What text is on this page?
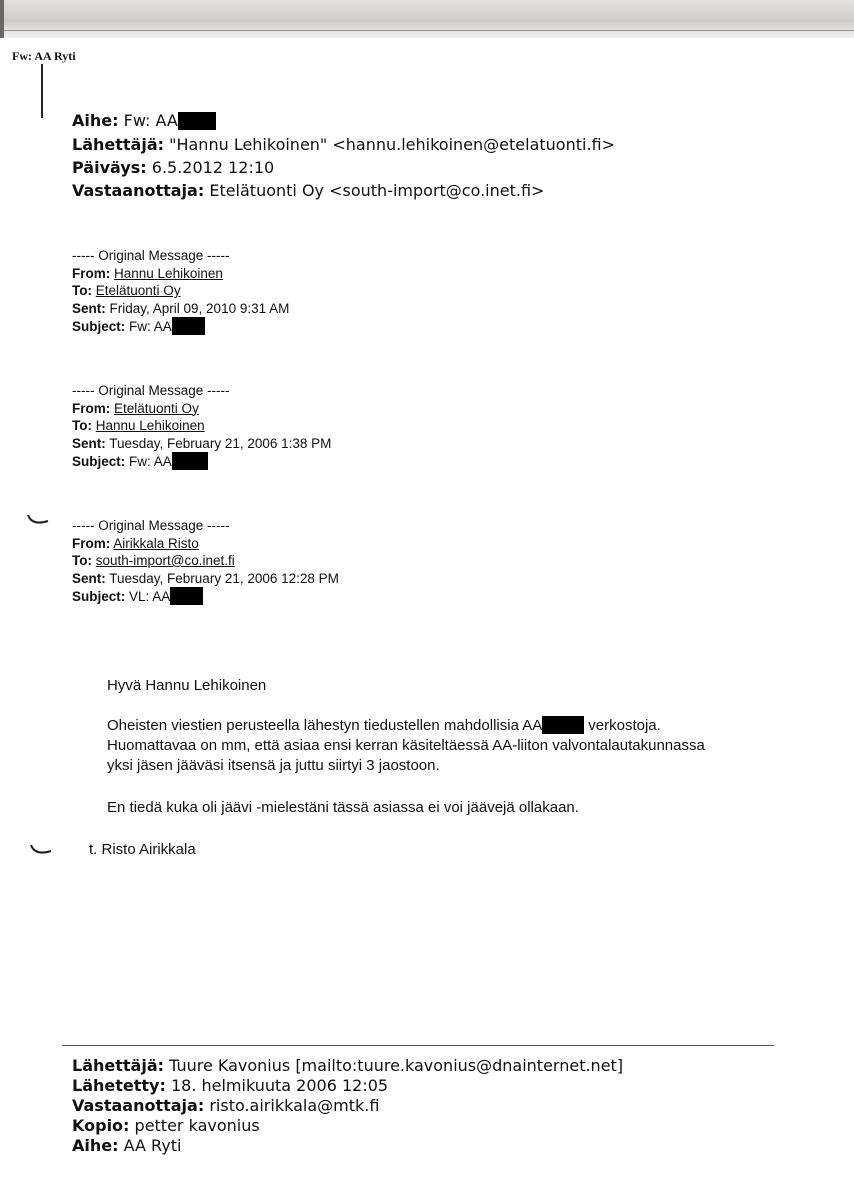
Fw: AA Ryti
Aihe: Fw: AA
Lähettäjä: "Hannu Lehikoinen" <hannu.lehikoinen@etelatuonti.fi>
Päiväys: 6.5.2012 12:10
Vastaanottaja: Etelätuonti Oy <south-import@co.inet.fi>
----- Original Message -----
From: Hannu Lehikoinen
To: Etelätuonti Oy
Sent: Friday, April 09, 2010 9:31 AM
Subject: Fw: AA
----- Original Message -----
From: Etelätuonti Oy
To: Hannu Lehikoinen
Sent: Tuesday, February 21, 2006 1:38 PM
Subject: Fw: AA
----- Original Message -----
From: Airikkala Risto
To: south-import@co.inet.fi
Sent: Tuesday, February 21, 2006 12:28 PM
Subject: VL: AA
Hyvä Hannu Lehikoinen
Oheisten viestien perusteella lähestyn tiedustellen mahdollisia AA	verkostoja.
Huomattavaa on mm, että asiaa ensi kerran käsiteltäessä AA-liiton valvontalautakunnassa
yksi jäsen jääväsi itsensä ja juttu siirtyi 3 jaostoon.
En tiedä kuka oli jäävi -mielestäni tässä asiassa ei voi jäävejä ollakaan.
t. Risto Airikkala
Lähettäjä: Tuure Kavonius [mailto:tuure.kavonius@dnainternet.net]
Lähetetty: 18. helmikuuta 2006 12:05
Vastaanottaja: risto.airikkala@mtk.fi
Kopio: petter kavonius
Aihe: AA Ryti
